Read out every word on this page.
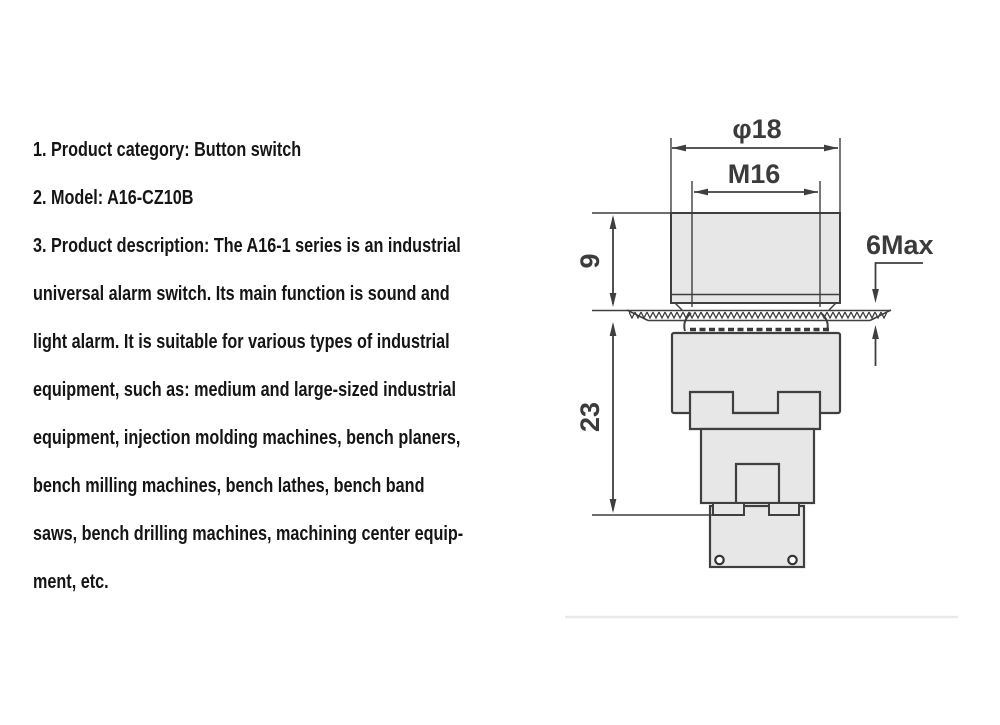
1. Product category: Button switch
2. Model: A16-CZ10B
3. Product description: The A16-1 series is an industrial
universal alarm switch. Its main function is sound and
light alarm. It is suitable for various types of industrial
equipment, such as: medium and large-sized industrial
equipment, injection molding machines, bench planers,
bench milling machines, bench lathes, bench band
saws, bench drilling machines, machining center equip-
ment, etc.
φ18
M16
9
23
6Max
